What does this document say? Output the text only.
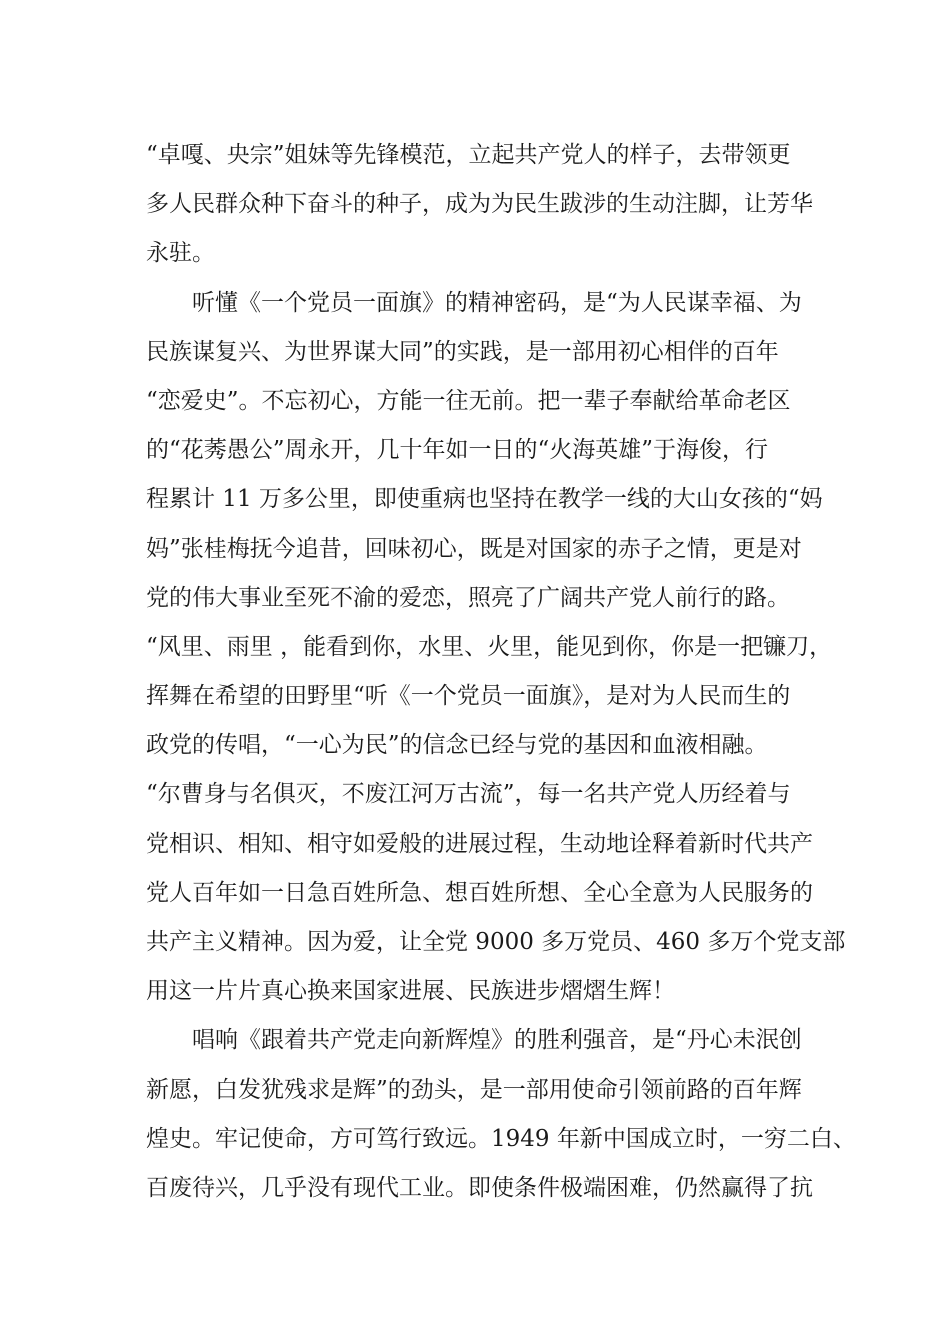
“卓嘎、央宗”姐妹等先锋模范，立起共产党人的样子，去带领更
多人民群众种下奋斗的种子，成为为民生跋涉的生动注脚，让芳华
永驻。
听懂《一个党员一面旗》的精神密码，是“为人民谋幸福、为
民族谋复兴、为世界谋大同”的实践，是一部用初心相伴的百年
“恋爱史”。不忘初心，方能一往无前。把一辈子奉献给革命老区
的“花莠愚公”周永开，几十年如一日的“火海英雄”于海俊，行
程累计 11 万多公里，即使重病也坚持在教学一线的大山女孩的“妈
妈”张桂梅抚今追昔，回味初心，既是对国家的赤子之情，更是对
党的伟大事业至死不渝的爱恋，照亮了广阔共产党人前行的路。
“风里、雨里 ，能看到你，水里、火里，能见到你，你是一把镰刀，
挥舞在希望的田野里“听《一个党员一面旗》，是对为人民而生的
政党的传唱，“一心为民”的信念已经与党的基因和血液相融。
“尔曹身与名俱灭，不废江河万古流”，每一名共产党人历经着与
党相识、相知、相守如爱般的进展过程，生动地诠释着新时代共产
党人百年如一日急百姓所急、想百姓所想、全心全意为人民服务的
共产主义精神。因为爱，让全党 9000 多万党员、460 多万个党支部
用这一片片真心换来国家进展、民族进步熠熠生辉！
唱响《跟着共产党走向新辉煌》的胜利强音，是“丹心未泯创
新愿，白发犹残求是辉”的劲头，是一部用使命引领前路的百年辉
煌史。牢记使命，方可笃行致远。1949 年新中国成立时，一穷二白、
百废待兴，几乎没有现代工业。即使条件极端困难，仍然赢得了抗
